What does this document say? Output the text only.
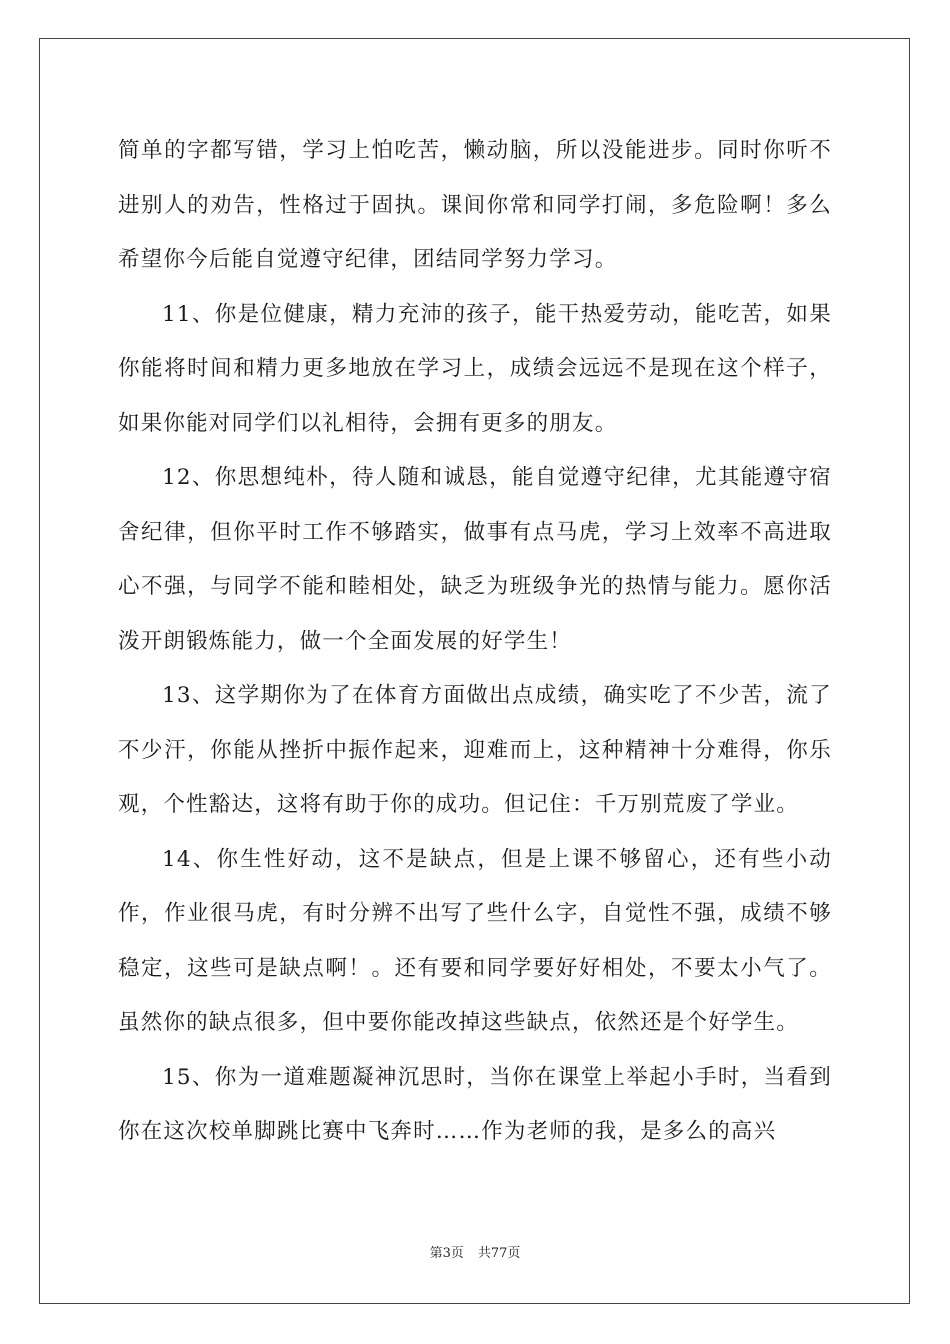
简单的字都写错，学习上怕吃苦，懒动脑，所以没能进步。同时你听不进别人的劝告，性格过于固执。课间你常和同学打闹，多危险啊！多么希望你今后能自觉遵守纪律，团结同学努力学习。

11、你是位健康，精力充沛的孩子，能干热爱劳动，能吃苦，如果你能将时间和精力更多地放在学习上，成绩会远远不是现在这个样子，如果你能对同学们以礼相待，会拥有更多的朋友。

12、你思想纯朴，待人随和诚恳，能自觉遵守纪律，尤其能遵守宿舍纪律，但你平时工作不够踏实，做事有点马虎，学习上效率不高进取心不强，与同学不能和睦相处，缺乏为班级争光的热情与能力。愿你活泼开朗锻炼能力，做一个全面发展的好学生！

13、这学期你为了在体育方面做出点成绩，确实吃了不少苦，流了不少汗，你能从挫折中振作起来，迎难而上，这种精神十分难得，你乐观，个性豁达，这将有助于你的成功。但记住：千万别荒废了学业。

14、你生性好动，这不是缺点，但是上课不够留心，还有些小动作，作业很马虎，有时分辨不出写了些什么字，自觉性不强，成绩不够稳定，这些可是缺点啊！。还有要和同学要好好相处，不要太小气了。虽然你的缺点很多，但中要你能改掉这些缺点，依然还是个好学生。

15、你为一道难题凝神沉思时，当你在课堂上举起小手时，当看到你在这次校单脚跳比赛中飞奔时……作为老师的我，是多么的高兴

第3页 共77页
